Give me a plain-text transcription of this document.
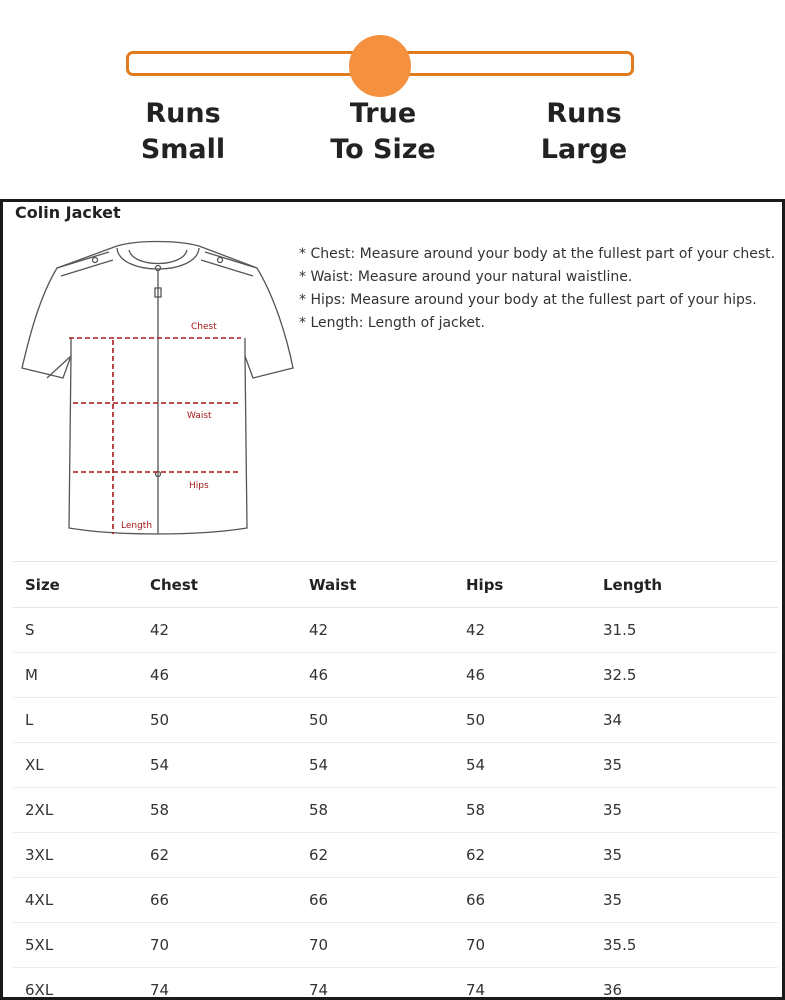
Runs
Small
True
To Size
Runs
Large
Colin Jacket
Chest
Waist
Hips
Length
* Chest: Measure around your body at the fullest part of your chest.
* Waist: Measure around your natural waistline.
* Hips: Measure around your body at the fullest part of your hips.
* Length: Length of jacket.
Size	Chest	Waist	Hips	Length
S	42	42	42	31.5
M	46	46	46	32.5
L	50	50	50	34
XL	54	54	54	35
2XL	58	58	58	35
3XL	62	62	62	35
4XL	66	66	66	35
5XL	70	70	70	35.5
6XL	74	74	74	36
